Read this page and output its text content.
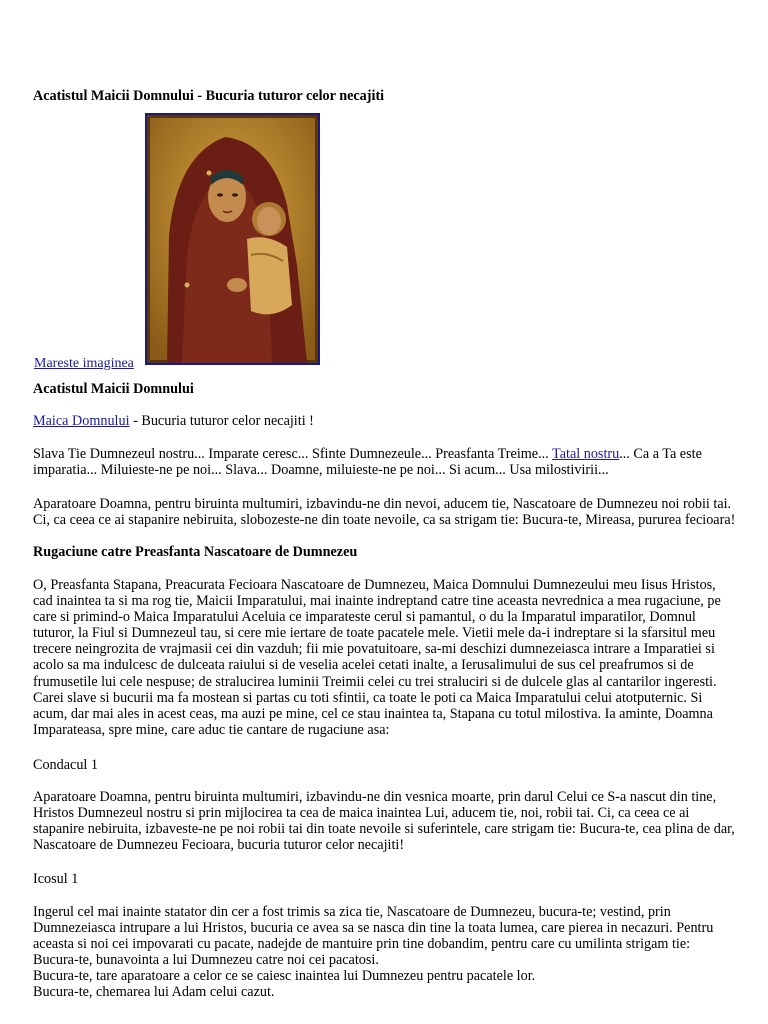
Acatistul Maicii Domnului - Bucuria tuturor celor necajiti
Mareste imaginea
Acatistul Maicii Domnului
Maica Domnului - Bucuria tuturor celor necajiti !
Slava Tie Dumnezeul nostru... Imparate ceresc... Sfinte Dumnezeule... Preasfanta Treime... Tatal nostru... Ca a Ta este
imparatia... Miluieste-ne pe noi... Slava... Doamne, miluieste-ne pe noi... Si acum... Usa milostivirii...
Aparatoare Doamna, pentru biruinta multumiri, izbavindu-ne din nevoi, aducem tie, Nascatoare de Dumnezeu noi robii tai.
Ci, ca ceea ce ai stapanire nebiruita, slobozeste-ne din toate nevoile, ca sa strigam tie: Bucura-te, Mireasa, pururea fecioara!
Rugaciune catre Preasfanta Nascatoare de Dumnezeu
O, Preasfanta Stapana, Preacurata Fecioara Nascatoare de Dumnezeu, Maica Domnului Dumnezeului meu Iisus Hristos,
cad inaintea ta si ma rog tie, Maicii Imparatului, mai inainte indreptand catre tine aceasta nevrednica a mea rugaciune, pe
care si primind-o Maica Imparatului Aceluia ce imparateste cerul si pamantul, o du la Imparatul imparatilor, Domnul
tuturor, la Fiul si Dumnezeul tau, si cere mie iertare de toate pacatele mele. Vietii mele da-i indreptare si la sfarsitul meu
trecere neingrozita de vrajmasii cei din vazduh; fii mie povatuitoare, sa-mi deschizi dumnezeiasca intrare a Imparatiei si
acolo sa ma indulcesc de dulceata raiului si de veselia acelei cetati inalte, a Ierusalimului de sus cel preafrumos si de
frumusetile lui cele nespuse; de stralucirea luminii Treimii celei cu trei straluciri si de dulcele glas al cantarilor ingeresti.
Carei slave si bucurii ma fa mostean si partas cu toti sfintii, ca toate le poti ca Maica Imparatului celui atotputernic. Si
acum, dar mai ales in acest ceas, ma auzi pe mine, cel ce stau inaintea ta, Stapana cu totul milostiva. Ia aminte, Doamna
Imparateasa, spre mine, care aduc tie cantare de rugaciune asa:
Condacul 1
Aparatoare Doamna, pentru biruinta multumiri, izbavindu-ne din vesnica moarte, prin darul Celui ce S-a nascut din tine,
Hristos Dumnezeul nostru si prin mijlocirea ta cea de maica inaintea Lui, aducem tie, noi, robii tai. Ci, ca ceea ce ai
stapanire nebiruita, izbaveste-ne pe noi robii tai din toate nevoile si suferintele, care strigam tie: Bucura-te, cea plina de dar,
Nascatoare de Dumnezeu Fecioara, bucuria tuturor celor necajiti!
Icosul 1
Ingerul cel mai inainte statator din cer a fost trimis sa zica tie, Nascatoare de Dumnezeu, bucura-te; vestind, prin
Dumnezeiasca intrupare a lui Hristos, bucuria ce avea sa se nasca din tine la toata lumea, care pierea in necazuri. Pentru
aceasta si noi cei impovarati cu pacate, nadejde de mantuire prin tine dobandim, pentru care cu umilinta strigam tie:
Bucura-te, bunavointa a lui Dumnezeu catre noi cei pacatosi.
Bucura-te, tare aparatoare a celor ce se caiesc inaintea lui Dumnezeu pentru pacatele lor.
Bucura-te, chemarea lui Adam celui cazut.
